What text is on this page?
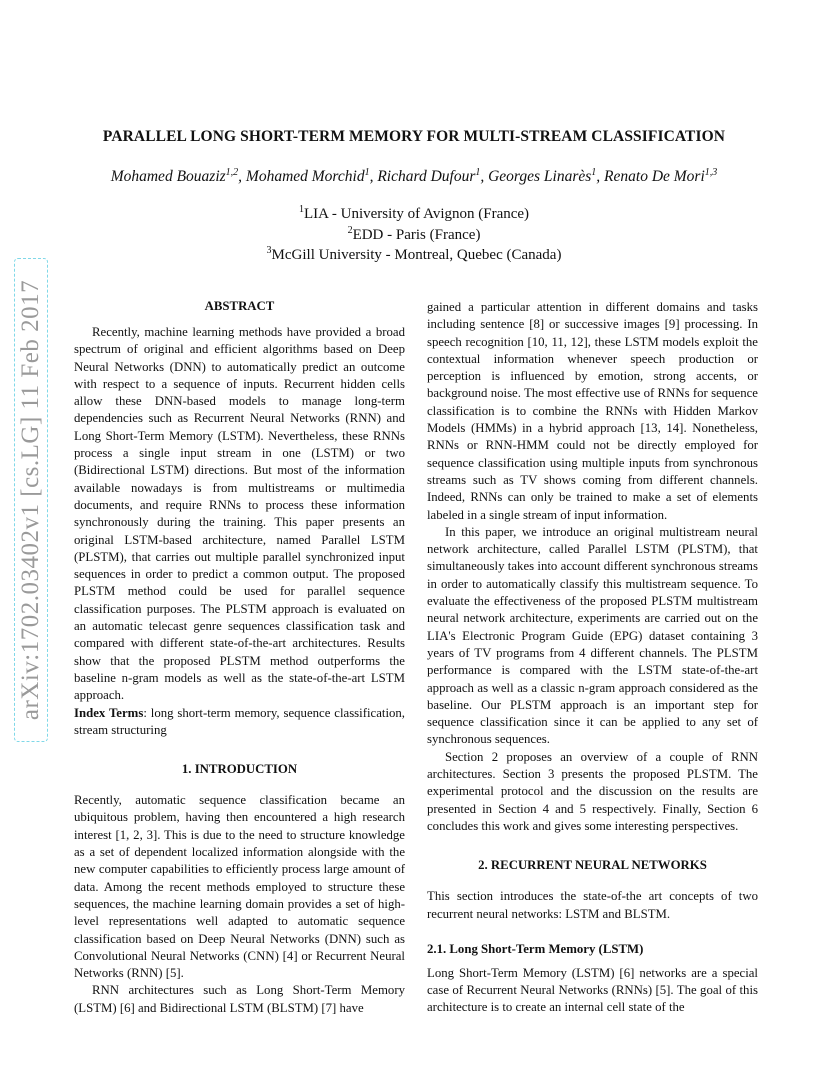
arXiv:1702.03402v1 [cs.LG] 11 Feb 2017
PARALLEL LONG SHORT-TERM MEMORY FOR MULTI-STREAM CLASSIFICATION
Mohamed Bouaziz$^{1,2}$, Mohamed Morchid$^1$, Richard Dufour$^1$, Georges Linarès$^1$, Renato De Mori$^{1,3}$
$^1$LIA - University of Avignon (France)
$^2$EDD - Paris (France)
$^3$McGill University - Montreal, Quebec (Canada)
ABSTRACT

Recently, machine learning methods have provided a broad spectrum of original and efficient algorithms based on Deep Neural Networks (DNN) to automatically predict an outcome with respect to a sequence of inputs. Recurrent hidden cells allow these DNN-based models to manage long-term dependencies such as Recurrent Neural Networks (RNN) and Long Short-Term Memory (LSTM). Nevertheless, these RNNs process a single input stream in one (LSTM) or two (Bidirectional LSTM) directions. But most of the information available nowadays is from multistreams or multimedia documents, and require RNNs to process these information synchronously during the training. This paper presents an original LSTM-based architecture, named Parallel LSTM (PLSTM), that carries out multiple parallel synchronized input sequences in order to predict a common output. The proposed PLSTM method could be used for parallel sequence classification purposes. The PLSTM approach is evaluated on an automatic telecast genre sequences classification task and compared with different state-of-the-art architectures. Results show that the proposed PLSTM method outperforms the baseline n-gram models as well as the state-of-the-art LSTM approach.

Index Terms: long short-term memory, sequence classification, stream structuring

1. INTRODUCTION

Recently, automatic sequence classification became an ubiquitous problem, having then encountered a high research interest [1, 2, 3]. This is due to the need to structure knowledge as a set of dependent localized information alongside with the new computer capabilities to efficiently process large amount of data. Among the recent methods employed to structure these sequences, the machine learning domain provides a set of high-level representations well adapted to automatic sequence classification based on Deep Neural Networks (DNN) such as Convolutional Neural Networks (CNN) [4] or Recurrent Neural Networks (RNN) [5].

RNN architectures such as Long Short-Term Memory (LSTM) [6] and Bidirectional LSTM (BLSTM) [7] have

gained a particular attention in different domains and tasks including sentence [8] or successive images [9] processing. In speech recognition [10, 11, 12], these LSTM models exploit the contextual information whenever speech production or perception is influenced by emotion, strong accents, or background noise. The most effective use of RNNs for sequence classification is to combine the RNNs with Hidden Markov Models (HMMs) in a hybrid approach [13, 14]. Nonetheless, RNNs or RNN-HMM could not be directly employed for sequence classification using multiple inputs from synchronous streams such as TV shows coming from different channels. Indeed, RNNs can only be trained to make a set of elements labeled in a single stream of input information.

In this paper, we introduce an original multistream neural network architecture, called Parallel LSTM (PLSTM), that simultaneously takes into account different synchronous streams in order to automatically classify this multistream sequence. To evaluate the effectiveness of the proposed PLSTM multistream neural network architecture, experiments are carried out on the LIA's Electronic Program Guide (EPG) dataset containing 3 years of TV programs from 4 different channels. The PLSTM performance is compared with the LSTM state-of-the-art approach as well as a classic n-gram approach considered as the baseline. Our PLSTM approach is an important step for sequence classification since it can be applied to any set of synchronous sequences.

Section 2 proposes an overview of a couple of RNN architectures. Section 3 presents the proposed PLSTM. The experimental protocol and the discussion on the results are presented in Section 4 and 5 respectively. Finally, Section 6 concludes this work and gives some interesting perspectives.

2. RECURRENT NEURAL NETWORKS

This section introduces the state-of-the art concepts of two recurrent neural networks: LSTM and BLSTM.

2.1. Long Short-Term Memory (LSTM)

Long Short-Term Memory (LSTM) [6] networks are a special case of Recurrent Neural Networks (RNNs) [5]. The goal of this architecture is to create an internal cell state of the
